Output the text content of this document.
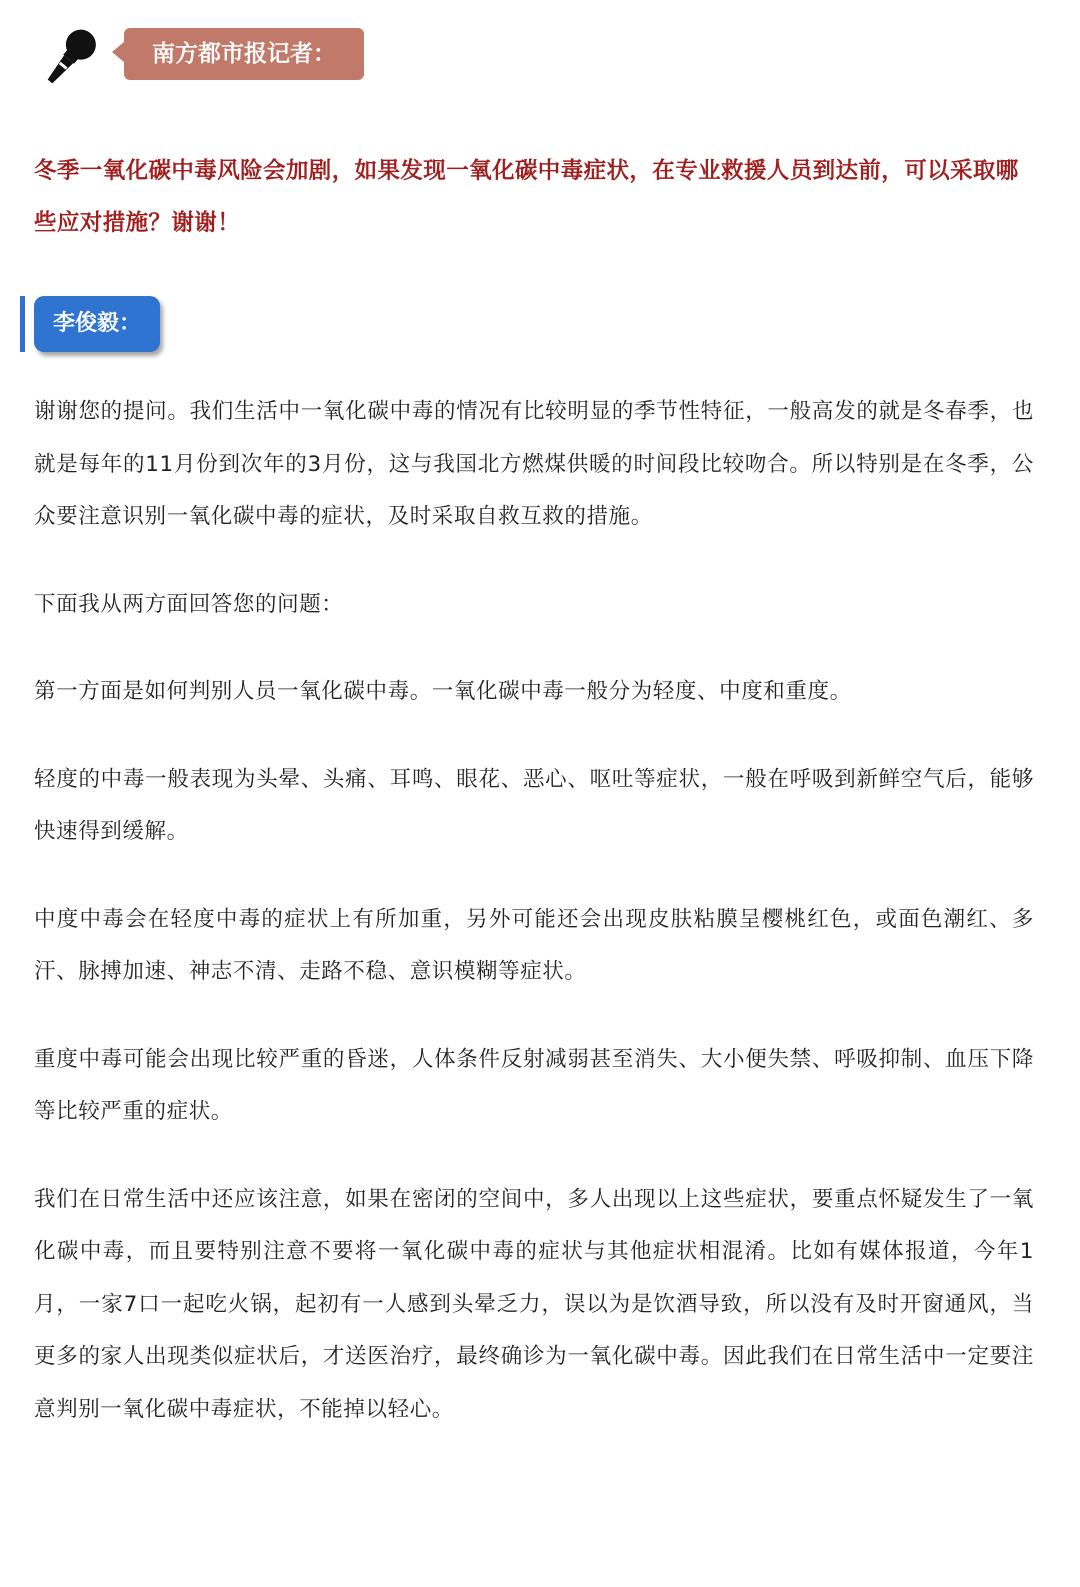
南方都市报记者：

冬季一氧化碳中毒风险会加剧，如果发现一氧化碳中毒症状，在专业救援人员到达前，可以采取哪些应对措施？谢谢！

李俊毅：

谢谢您的提问。我们生活中一氧化碳中毒的情况有比较明显的季节性特征，一般高发的就是冬春季，也就是每年的11月份到次年的3月份，这与我国北方燃煤供暖的时间段比较吻合。所以特别是在冬季，公众要注意识别一氧化碳中毒的症状，及时采取自救互救的措施。

下面我从两方面回答您的问题：

第一方面是如何判别人员一氧化碳中毒。一氧化碳中毒一般分为轻度、中度和重度。

轻度的中毒一般表现为头晕、头痛、耳鸣、眼花、恶心、呕吐等症状，一般在呼吸到新鲜空气后，能够快速得到缓解。

中度中毒会在轻度中毒的症状上有所加重，另外可能还会出现皮肤粘膜呈樱桃红色，或面色潮红、多汗、脉搏加速、神志不清、走路不稳、意识模糊等症状。

重度中毒可能会出现比较严重的昏迷，人体条件反射减弱甚至消失、大小便失禁、呼吸抑制、血压下降等比较严重的症状。

我们在日常生活中还应该注意，如果在密闭的空间中，多人出现以上这些症状，要重点怀疑发生了一氧化碳中毒，而且要特别注意不要将一氧化碳中毒的症状与其他症状相混淆。比如有媒体报道，今年1月，一家7口一起吃火锅，起初有一人感到头晕乏力，误以为是饮酒导致，所以没有及时开窗通风，当更多的家人出现类似症状后，才送医治疗，最终确诊为一氧化碳中毒。因此我们在日常生活中一定要注意判别一氧化碳中毒症状，不能掉以轻心。
